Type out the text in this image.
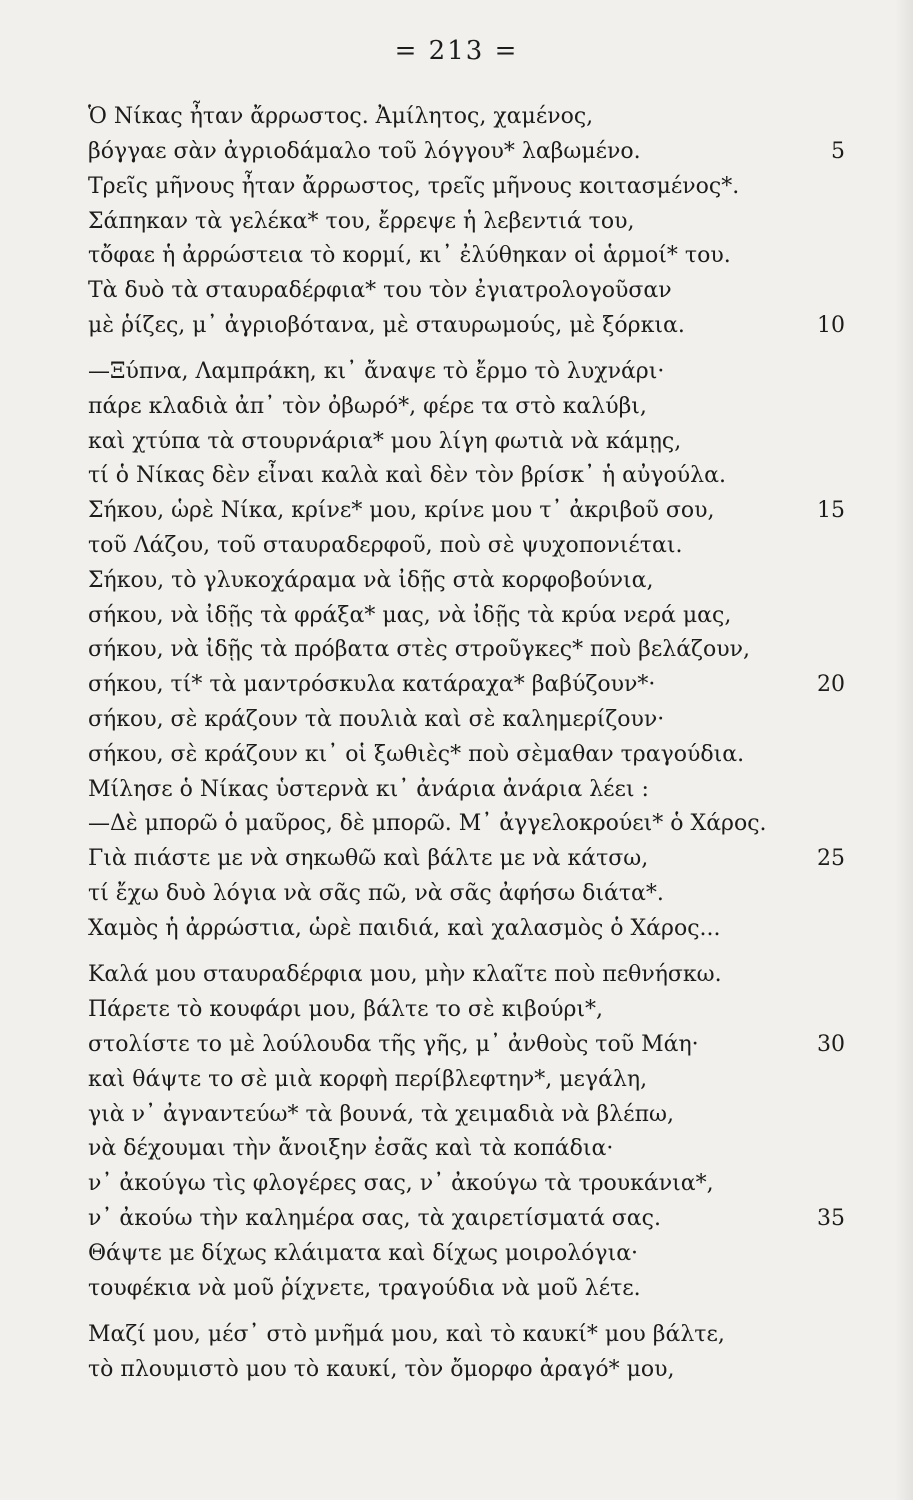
= 213 =
Ὁ Νίκας ἦταν ἄρρωστος. Ἀμίλητος, χαμένος,
βόγγαε σὰν ἀγριοδάμαλο τοῦ λόγγου* λαβωμένο.
Τρεῖς μῆνους ἦταν ἄρρωστος, τρεῖς μῆνους κοιτασμένος*.
Σάπηκαν τὰ γελέκα* του, ἔρρεψε ἡ λεβεντιά του,
τὄφαε ἡ ἀρρώστεια τὸ κορμί, κι᾿ ἐλύθηκαν οἱ ἁρμοί* του.
Τὰ δυὸ τὰ σταυραδέρφια* του τὸν ἐγιατρολογοῦσαν
μὲ ῥίζες, μ᾿ ἀγριοβότανα, μὲ σταυρωμούς, μὲ ξόρκια.
—Ξύπνα, Λαμπράκη, κι᾿ ἄναψε τὸ ἔρμο τὸ λυχνάρι·
πάρε κλαδιὰ ἀπ᾿ τὸν ὀβωρό*, φέρε τα στὸ καλύβι,
καὶ χτύπα τὰ στουρνάρια* μου λίγη φωτιὰ νὰ κάμῃς,
τί ὁ Νίκας δὲν εἶναι καλὰ καὶ δὲν τὸν βρίσκ᾿ ἡ αὐγούλα.
Σήκου, ὡρὲ Νίκα, κρίνε* μου, κρίνε μου τ᾿ ἀκριβοῦ σου,
τοῦ Λάζου, τοῦ σταυραδερφοῦ, ποὺ σὲ ψυχοπονιέται.
Σήκου, τὸ γλυκοχάραμα νὰ ἰδῇς στὰ κορφοβούνια,
σήκου, νὰ ἰδῇς τὰ φράξα* μας, νὰ ἰδῇς τὰ κρύα νερά μας,
σήκου, νὰ ἰδῇς τὰ πρόβατα στὲς στροῦγκες* ποὺ βελάζουν,
σήκου, τί* τὰ μαντρόσκυλα κατάραχα* βαβύζουν*·
σήκου, σὲ κράζουν τὰ πουλιὰ καὶ σὲ καλημερίζουν·
σήκου, σὲ κράζουν κι᾿ οἱ ξωθιὲς* ποὺ σὲμαθαν τραγούδια.
Μίλησε ὁ Νίκας ὑστερνὰ κι᾿ ἀνάρια ἀνάρια λέει :
—Δὲ μπορῶ ὁ μαῦρος, δὲ μπορῶ. Μ᾿ ἀγγελοκρούει* ὁ Χάρος.
Γιὰ πιάστε με νὰ σηκωθῶ καὶ βάλτε με νὰ κάτσω,
τί ἔχω δυὸ λόγια νὰ σᾶς πῶ, νὰ σᾶς ἀφήσω διάτα*.
Χαμὸς ἡ ἀρρώστια, ὡρὲ παιδιά, καὶ χαλασμὸς ὁ Χάρος...
Καλά μου σταυραδέρφια μου, μὴν κλαῖτε ποὺ πεθνήσκω.
Πάρετε τὸ κουφάρι μου, βάλτε το σὲ κιβούρι*,
στολίστε το μὲ λούλουδα τῆς γῆς, μ᾿ ἀνθοὺς τοῦ Μάη·
καὶ θάψτε το σὲ μιὰ κορφὴ περίβλεφτην*, μεγάλη,
γιὰ ν᾿ ἀγναντεύω* τὰ βουνά, τὰ χειμαδιὰ νὰ βλέπω,
νὰ δέχουμαι τὴν ἄνοιξην ἐσᾶς καὶ τὰ κοπάδια·
ν᾿ ἀκούγω τὶς φλογέρες σας, ν᾿ ἀκούγω τὰ τρουκάνια*,
ν᾿ ἀκούω τὴν καλημέρα σας, τὰ χαιρετίσματά σας.
Θάψτε με δίχως κλάιματα καὶ δίχως μοιρολόγια·
τουφέκια νὰ μοῦ ῥίχνετε, τραγούδια νὰ μοῦ λέτε.
Μαζί μου, μέσ᾿ στὸ μνῆμά μου, καὶ τὸ καυκί* μου βάλτε,
τὸ πλουμιστὸ μου τὸ καυκί, τὸν ὄμορφο ἀραγό* μου,
5
10
15
20
25
30
35
